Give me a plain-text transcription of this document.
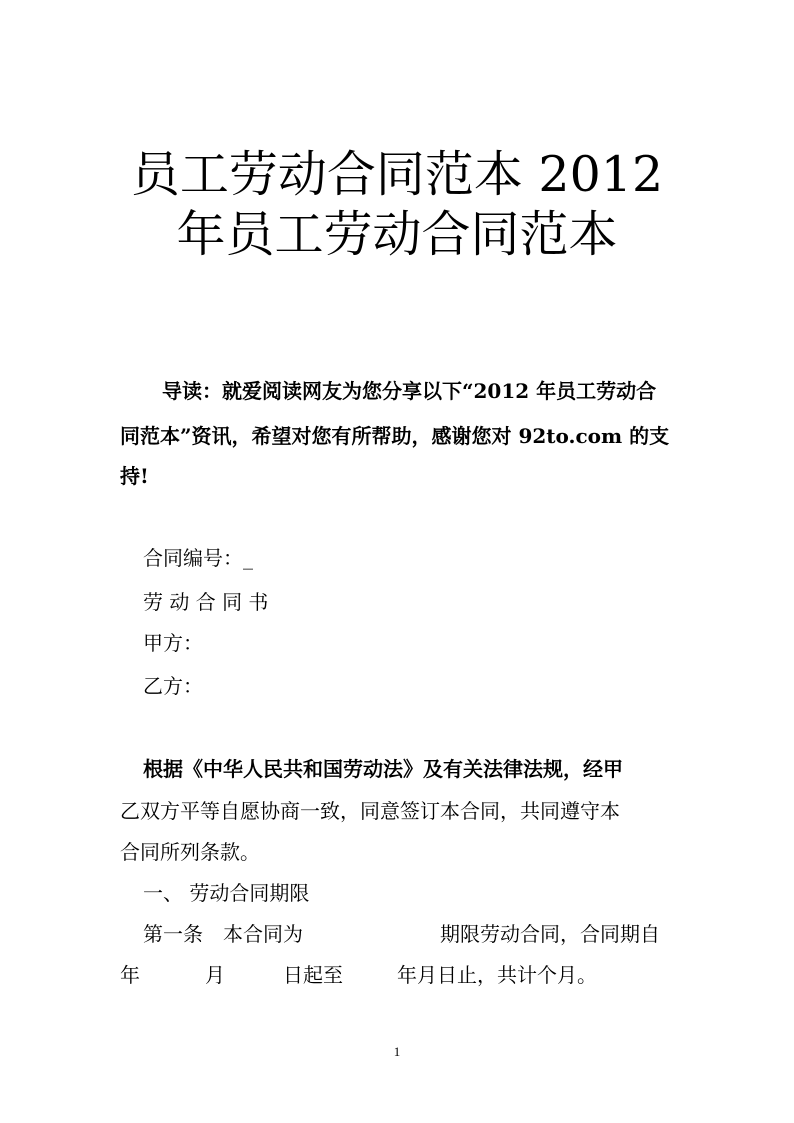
员工劳动合同范本 2012
年员工劳动合同范本
导读：就爱阅读网友为您分享以下“2012 年员工劳动合
同范本”资讯，希望对您有所帮助，感谢您对 92to.com 的支
持!
合同编号：_
劳 动 合 同 书
甲方：
乙方：
根据《中华人民共和国劳动法》及有关法律法规，经甲
乙双方平等自愿协商一致，同意签订本合同，共同遵守本
合同所列条款。
一、 劳动合同期限
第一条　本合同为	期限劳动合同，合同期自
年	月	日起至	年月日止，共计个月。
1
